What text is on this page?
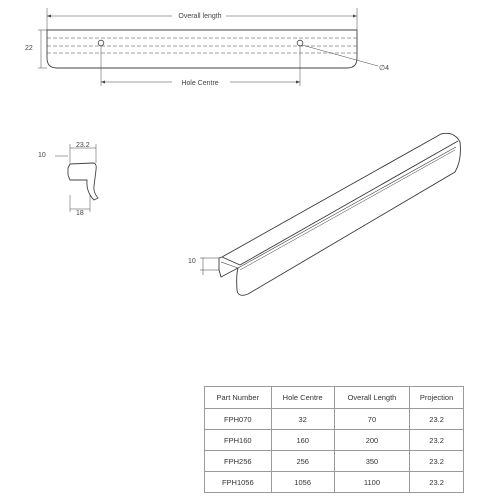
Overall length
22
Hole Centre
∅4
23.2
10
18
10
Part Number	Hole Centre	Overall Length	Projection
FPH070	32	70	23.2
FPH160	160	200	23.2
FPH256	256	350	23.2
FPH1056	1056	1100	23.2
